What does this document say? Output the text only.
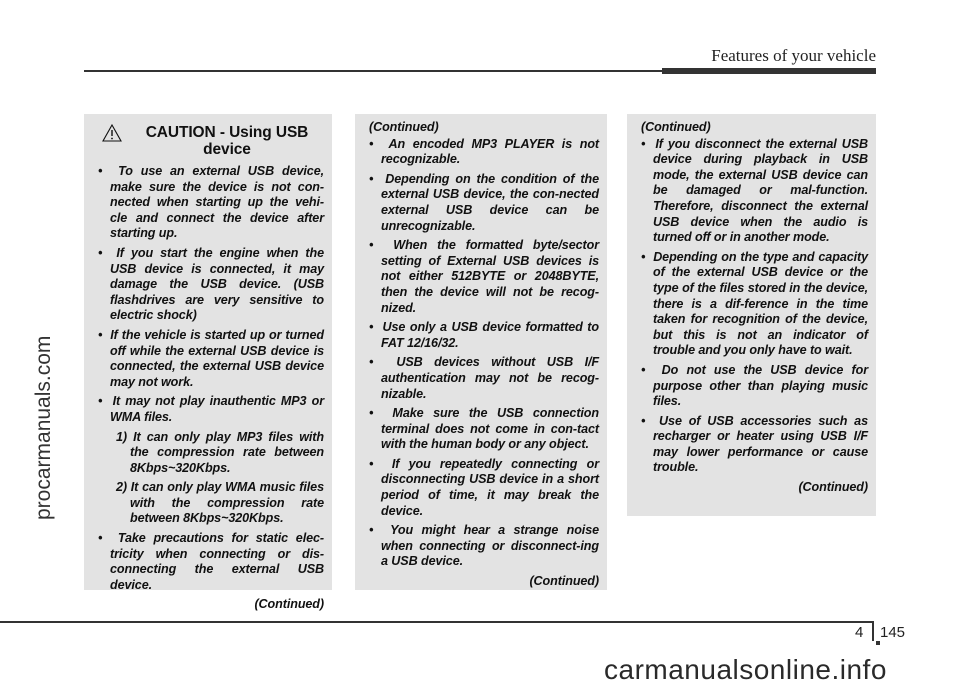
Features of your vehicle
procarmanuals.com
CAUTION - Using USB device
•  To use an external USB device, make sure the device is not con-nected when starting up the vehi-cle and connect the device after starting up.
•  If you start the engine when the USB device is connected, it may damage the USB device. (USB flashdrives are very sensitive to electric shock)
•  If the vehicle is started up or turned off while the external USB device is connected, the external USB device may not work.
•  It may not play inauthentic MP3 or WMA files.
1) It can only play MP3 files with the compression rate between 8Kbps~320Kbps.
2) It can only play WMA music files with the compression rate between 8Kbps~320Kbps.
•  Take precautions for static elec-tricity when connecting or dis-connecting the external USB device.
(Continued)
(Continued)
•  An encoded MP3 PLAYER is not recognizable.
•  Depending on the condition of the external USB device, the con-nected external USB device can be unrecognizable.
•  When the formatted byte/sector setting of External USB devices is not either 512BYTE or 2048BYTE, then the device will not be recog-nized.
•  Use only a USB device formatted to FAT 12/16/32.
•  USB devices without USB I/F authentication may not be recog-nizable.
•  Make sure the USB connection terminal does not come in con-tact with the human body or any object.
•  If you repeatedly connecting or disconnecting USB device in a short period of time, it may break the device.
•  You might hear a strange noise when connecting or disconnect-ing a USB device.
(Continued)
(Continued)
•  If you disconnect the external USB device during playback in USB mode, the external USB device can be damaged or mal-function. Therefore, disconnect the external USB device when the audio is turned off or in another mode.
•  Depending on the type and capacity of the external USB device or the type of the files stored in the device, there is a dif-ference in the time taken for recognition of the device, but this is not an indicator of trouble and you only have to wait.
•  Do not use the USB device for purpose other than playing music files.
•  Use of USB accessories such as recharger or heater using USB I/F may lower performance or cause trouble.
(Continued)
4 145
carmanualsonline.info
